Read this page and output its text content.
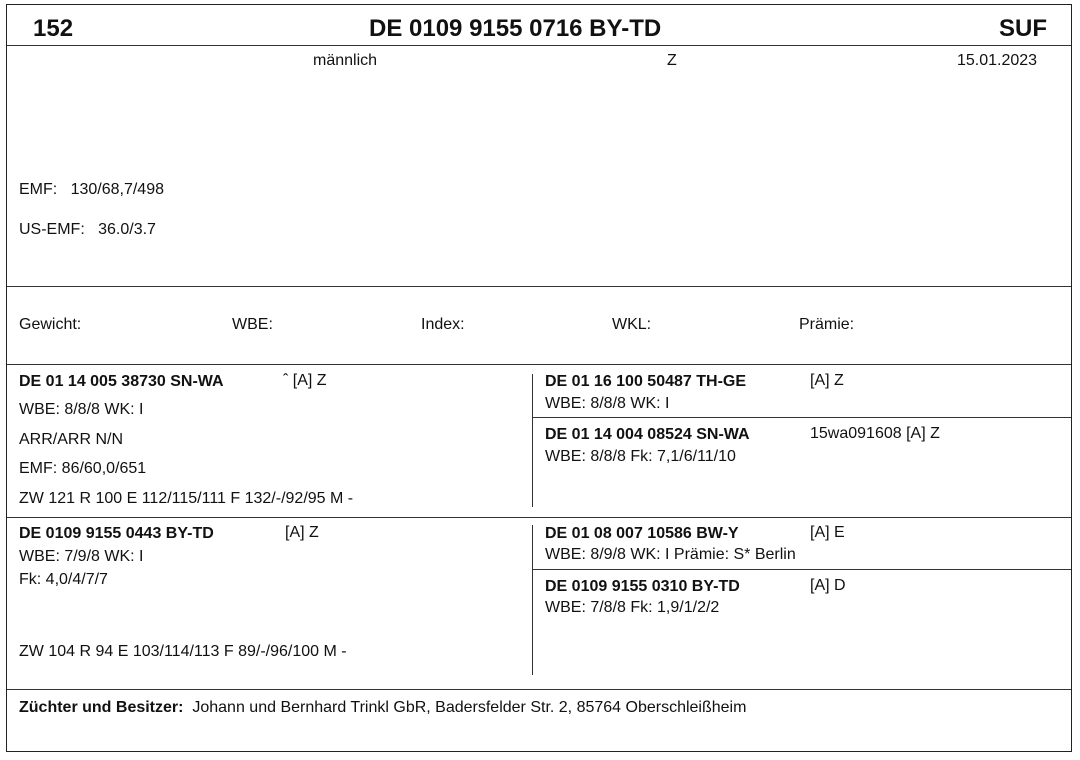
152	DE 0109 9155 0716 BY-TD	SUF
männlich	Z	15.01.2023
EMF: 130/68,7/498
US-EMF: 36.0/3.7
Gewicht:	WBE:	Index:	WKL:	Prämie:
DE 01 14 005 38730 SN-WA	ˆ [A] Z
WBE: 8/8/8 WK: I
ARR/ARR N/N
EMF: 86/60,0/651
ZW 121 R 100 E 112/115/111 F 132/-/92/95 M -
DE 01 16 100 50487 TH-GE	[A] Z
WBE: 8/8/8 WK: I
DE 01 14 004 08524 SN-WA	15wa091608 [A] Z
WBE: 8/8/8 Fk: 7,1/6/11/10
DE 0109 9155 0443 BY-TD	[A] Z
WBE: 7/9/8 WK: I
Fk: 4,0/4/7/7
ZW 104 R 94 E 103/114/113 F 89/-/96/100 M -
DE 01 08 007 10586 BW-Y	[A] E
WBE: 8/9/8 WK: I Prämie: S* Berlin
DE 0109 9155 0310 BY-TD	[A] D
WBE: 7/8/8 Fk: 1,9/1/2/2
Züchter und Besitzer: Johann und Bernhard Trinkl GbR, Badersfelder Str. 2, 85764 Oberschleißheim
